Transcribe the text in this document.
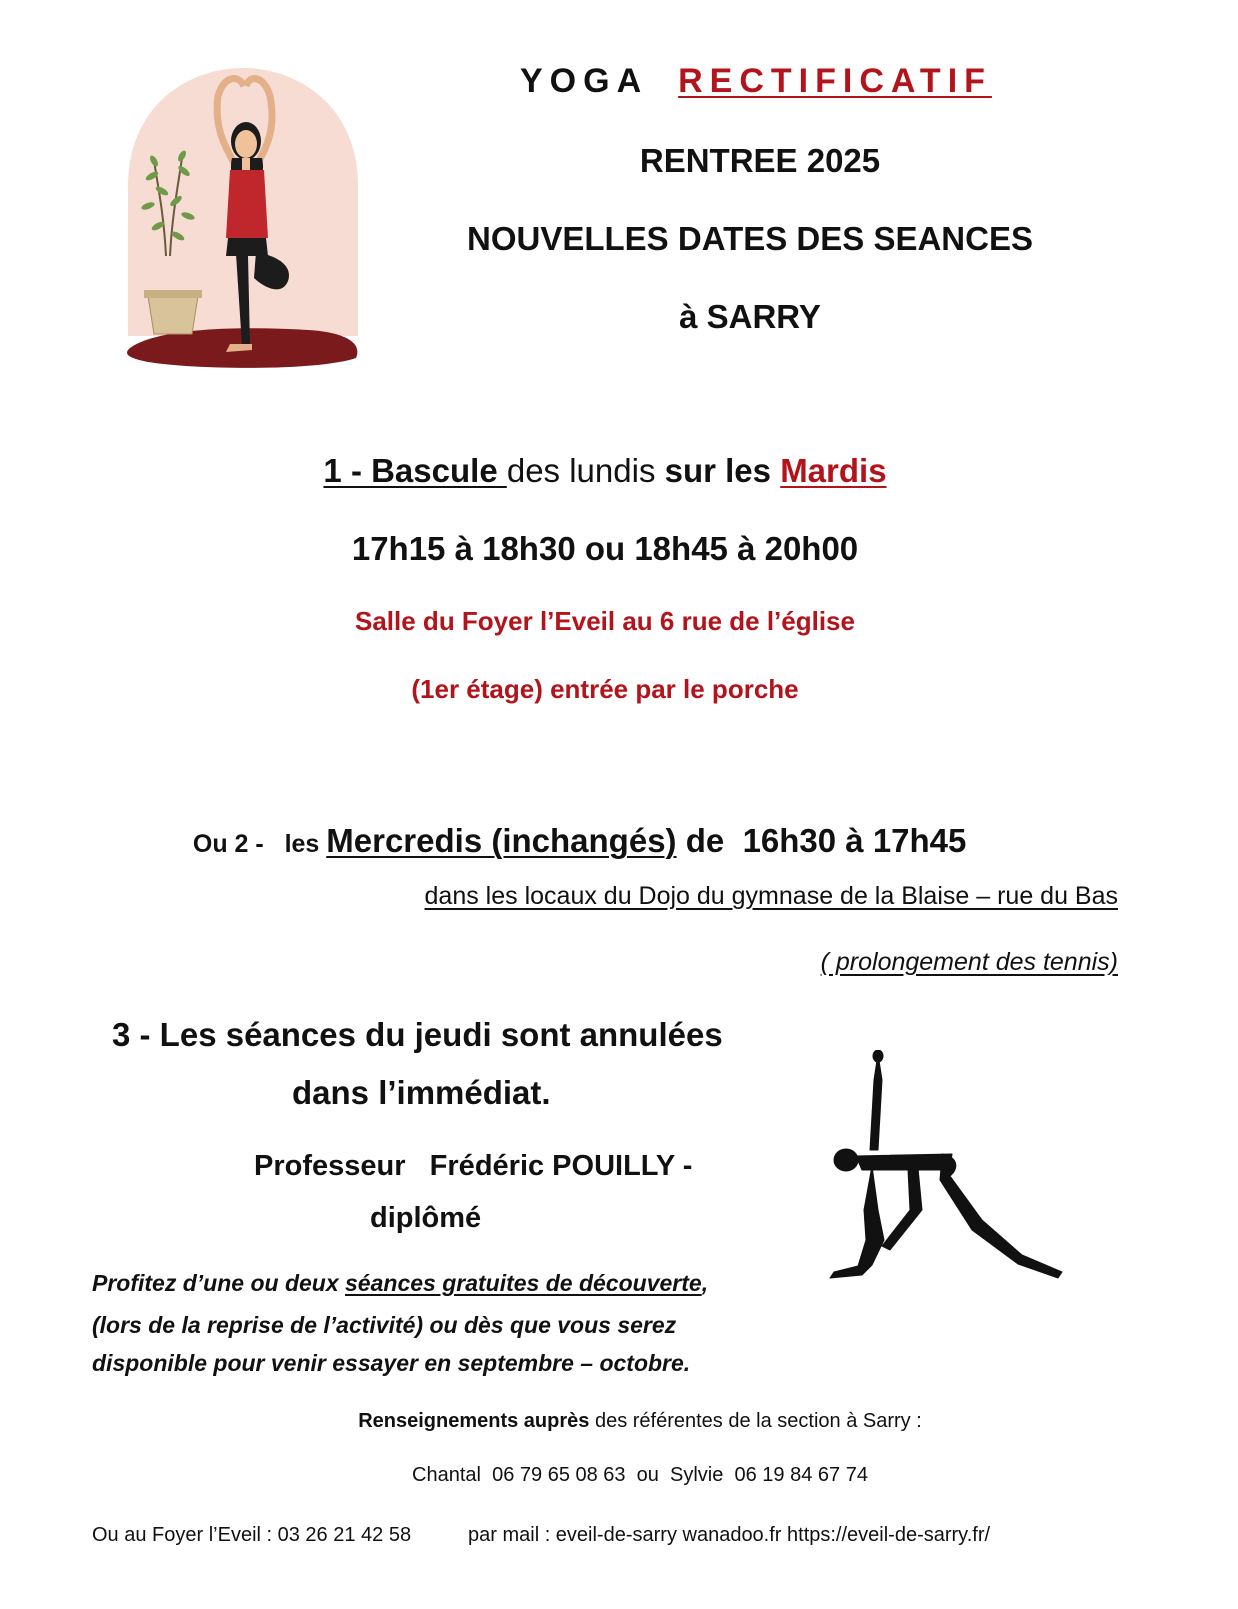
YOGA RECTIFICATIF
RENTREE 2025
NOUVELLES DATES DES SEANCES
à SARRY
1 - Bascule des lundis sur les Mardis
17h15 à 18h30 ou 18h45 à 20h00
Salle du Foyer l’Eveil au 6 rue de l’église
(1er étage) entrée par le porche

Ou 2 -   les Mercredis (inchangés) de  16h30 à 17h45

dans les locaux du Dojo du gymnase de la Blaise – rue du Bas
( prolongement des tennis)
3 - Les séances du jeudi sont annulées
dans l’immédiat.
Professeur   Frédéric POUILLY -
diplômé
Profitez d’une ou deux séances gratuites de découverte,
(lors de la reprise de l’activité) ou dès que vous serez
disponible pour venir essayer en septembre – octobre.
Renseignements auprès des référentes de la section à Sarry :
Chantal  06 79 65 08 63  ou  Sylvie  06 19 84 67 74
Ou au Foyer l’Eveil : 03 26 21 42 58	par mail : eveil-de-sarry wanadoo.fr https://eveil-de-sarry.fr/
